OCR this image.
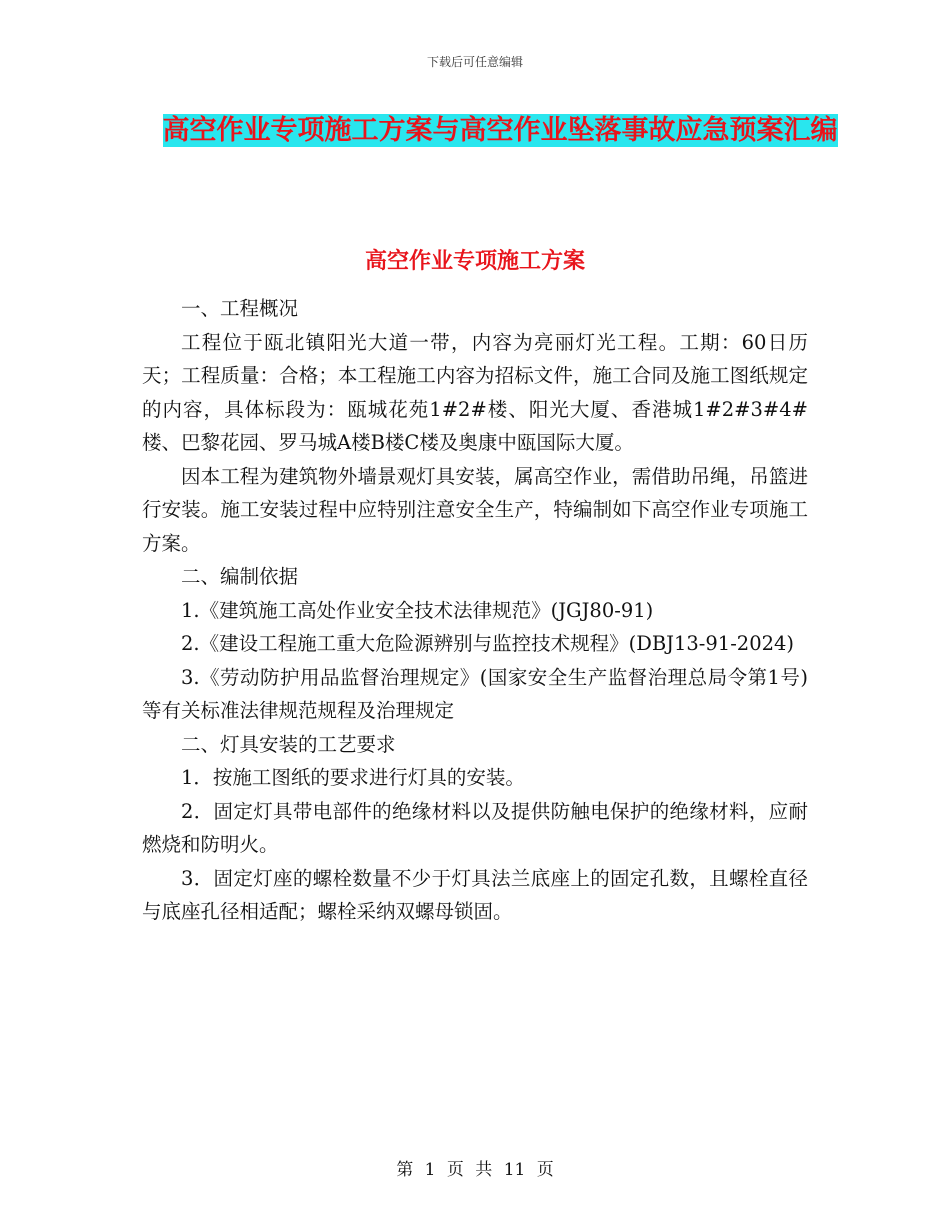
下载后可任意编辑
高空作业专项施工方案与高空作业坠落事故应急预案汇编
高空作业专项施工方案

一、工程概况

工程位于瓯北镇阳光大道一带，内容为亮丽灯光工程。工期：60日历天；工程质量：合格；本工程施工内容为招标文件，施工合同及施工图纸规定的内容，具体标段为：瓯城花苑1#2#楼、阳光大厦、香港城1#2#3#4#楼、巴黎花园、罗马城A楼B楼C楼及奥康中瓯国际大厦。

因本工程为建筑物外墙景观灯具安装，属高空作业，需借助吊绳，吊篮进行安装。施工安装过程中应特别注意安全生产，特编制如下高空作业专项施工方案。

二、编制依据

1.《建筑施工高处作业安全技术法律规范》(JGJ80-91)

2.《建设工程施工重大危险源辨别与监控技术规程》(DBJ13-91-2024)

3.《劳动防护用品监督治理规定》(国家安全生产监督治理总局令第1号)等有关标准法律规范规程及治理规定

二、灯具安装的工艺要求

1．按施工图纸的要求进行灯具的安装。

2．固定灯具带电部件的绝缘材料以及提供防触电保护的绝缘材料，应耐燃烧和防明火。

3．固定灯座的螺栓数量不少于灯具法兰底座上的固定孔数，且螺栓直径与底座孔径相适配；螺栓采纳双螺母锁固。

第 1 页 共 11 页
